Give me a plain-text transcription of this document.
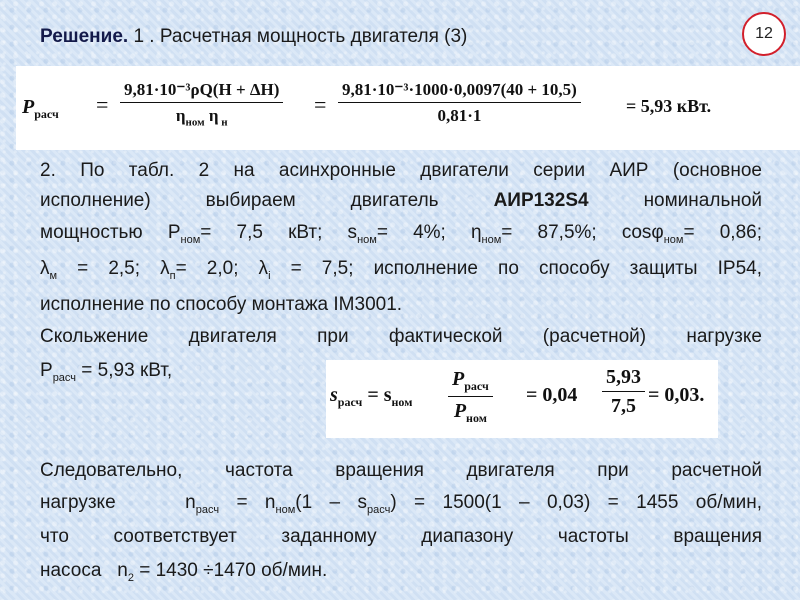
12
Решение. 1 . Расчетная мощность двигателя (3)
$P_{расч}$ =
9,81·10⁻³ρQ(H + ΔH)
$\eta_{ном}$ η $_н$
= $\frac{\text{9,81·10⁻³·1000·0,0097(40 + 10,5)}}{0,81\cdot 1}$	= 5,93 кВт.
2. По табл. 2 на асинхронные двигатели серии АИР (основное
исполнение) выбираем двигатель	АИР132S4	номинальной
мощностью $P_{ном}= 7,5$ кВт; $s_{ном}= 4\%$; $\eta_{ном}= 87,5\%$; cosφ$_{ном}$= 0,86;
$\lambda_м = 2,5$; $\lambda_п= 2,0$; $\lambda_i = 7,5$; исполнение по способу защиты IP54,
исполнение по способу монтажа IM3001.
Скольжение двигателя при фактической (расчетной) нагрузке
$P_{расч} = 5,93$ кВт,
$s_{расч} = s_{ном}$
$P_{расч}$
$P_{ном}$
= $0,04 \frac{5,93}{7,5} = 0,03$.
Следовательно, частота вращения двигателя при расчетной
нагрузке    $n_{расч} = n_{ном}(1 - s_{расч}) = 1500(1 - 0,03) = 1455$ об/мин,
что соответствует заданному диапазону частоты вращения
насоса   $n_2 = 1430 \div 1470$ об/мин.
